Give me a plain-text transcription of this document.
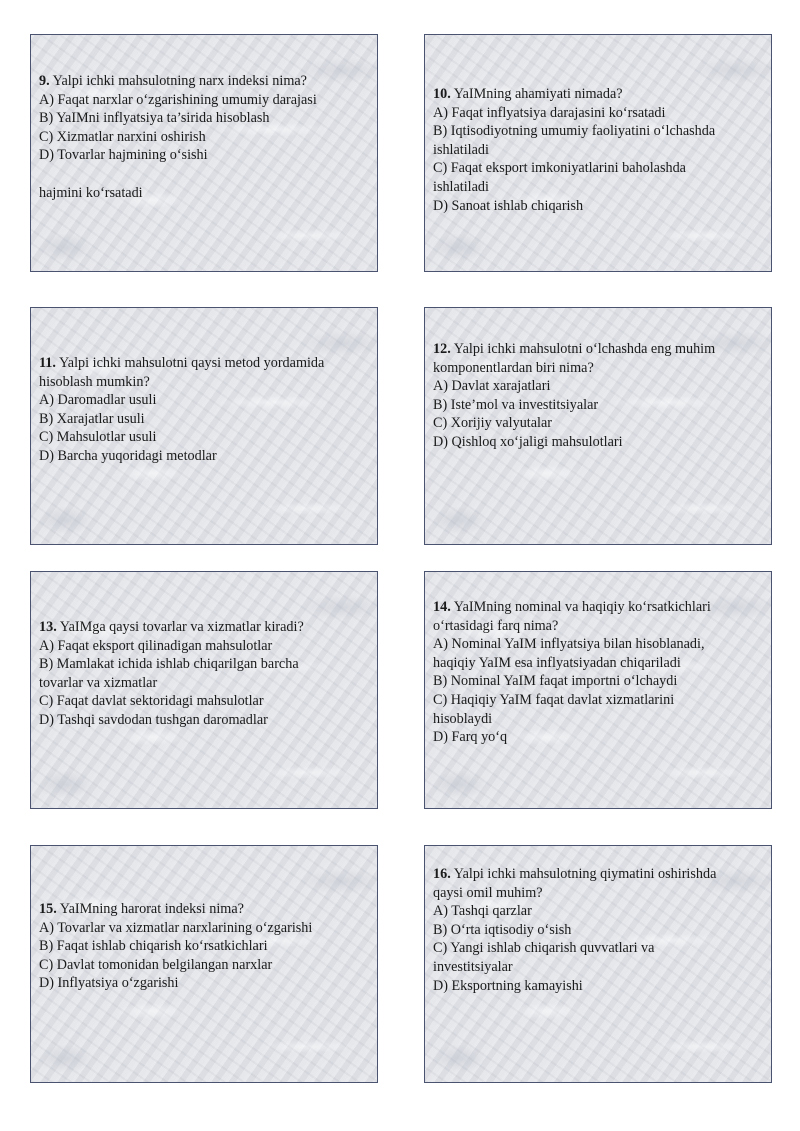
9. Yalpi ichki mahsulotning narx indeksi nima?
A) Faqat narxlar o‘zgarishining umumiy darajasi
B) YaIMni inflyatsiya ta’sirida hisoblash
C) Xizmatlar narxini oshirish
D) Tovarlar hajmining o‘sishi
hajmini ko‘rsatadi
10. YaIMning ahamiyati nimada?
A) Faqat inflyatsiya darajasini ko‘rsatadi
B) Iqtisodiyotning umumiy faoliyatini o‘lchashda
ishlatiladi
C) Faqat eksport imkoniyatlarini baholashda
ishlatiladi
D) Sanoat ishlab chiqarish
11. Yalpi ichki mahsulotni qaysi metod yordamida
hisoblash mumkin?
A) Daromadlar usuli
B) Xarajatlar usuli
C) Mahsulotlar usuli
D) Barcha yuqoridagi metodlar
12. Yalpi ichki mahsulotni o‘lchashda eng muhim
komponentlardan biri nima?
A) Davlat xarajatlari
B) Iste’mol va investitsiyalar
C) Xorijiy valyutalar
D) Qishloq xo‘jaligi mahsulotlari
13. YaIMga qaysi tovarlar va xizmatlar kiradi?
A) Faqat eksport qilinadigan mahsulotlar
B) Mamlakat ichida ishlab chiqarilgan barcha
tovarlar va xizmatlar
C) Faqat davlat sektoridagi mahsulotlar
D) Tashqi savdodan tushgan daromadlar
14. YaIMning nominal va haqiqiy ko‘rsatkichlari
o‘rtasidagi farq nima?
A) Nominal YaIM inflyatsiya bilan hisoblanadi,
haqiqiy YaIM esa inflyatsiyadan chiqariladi
B) Nominal YaIM faqat importni o‘lchaydi
C) Haqiqiy YaIM faqat davlat xizmatlarini
hisoblaydi
D) Farq yo‘q
15. YaIMning harorat indeksi nima?
A) Tovarlar va xizmatlar narxlarining o‘zgarishi
B) Faqat ishlab chiqarish ko‘rsatkichlari
C) Davlat tomonidan belgilangan narxlar
D) Inflyatsiya o‘zgarishi
16. Yalpi ichki mahsulotning qiymatini oshirishda
qaysi omil muhim?
A) Tashqi qarzlar
B) O‘rta iqtisodiy o‘sish
C) Yangi ishlab chiqarish quvvatlari va
investitsiyalar
D) Eksportning kamayishi
